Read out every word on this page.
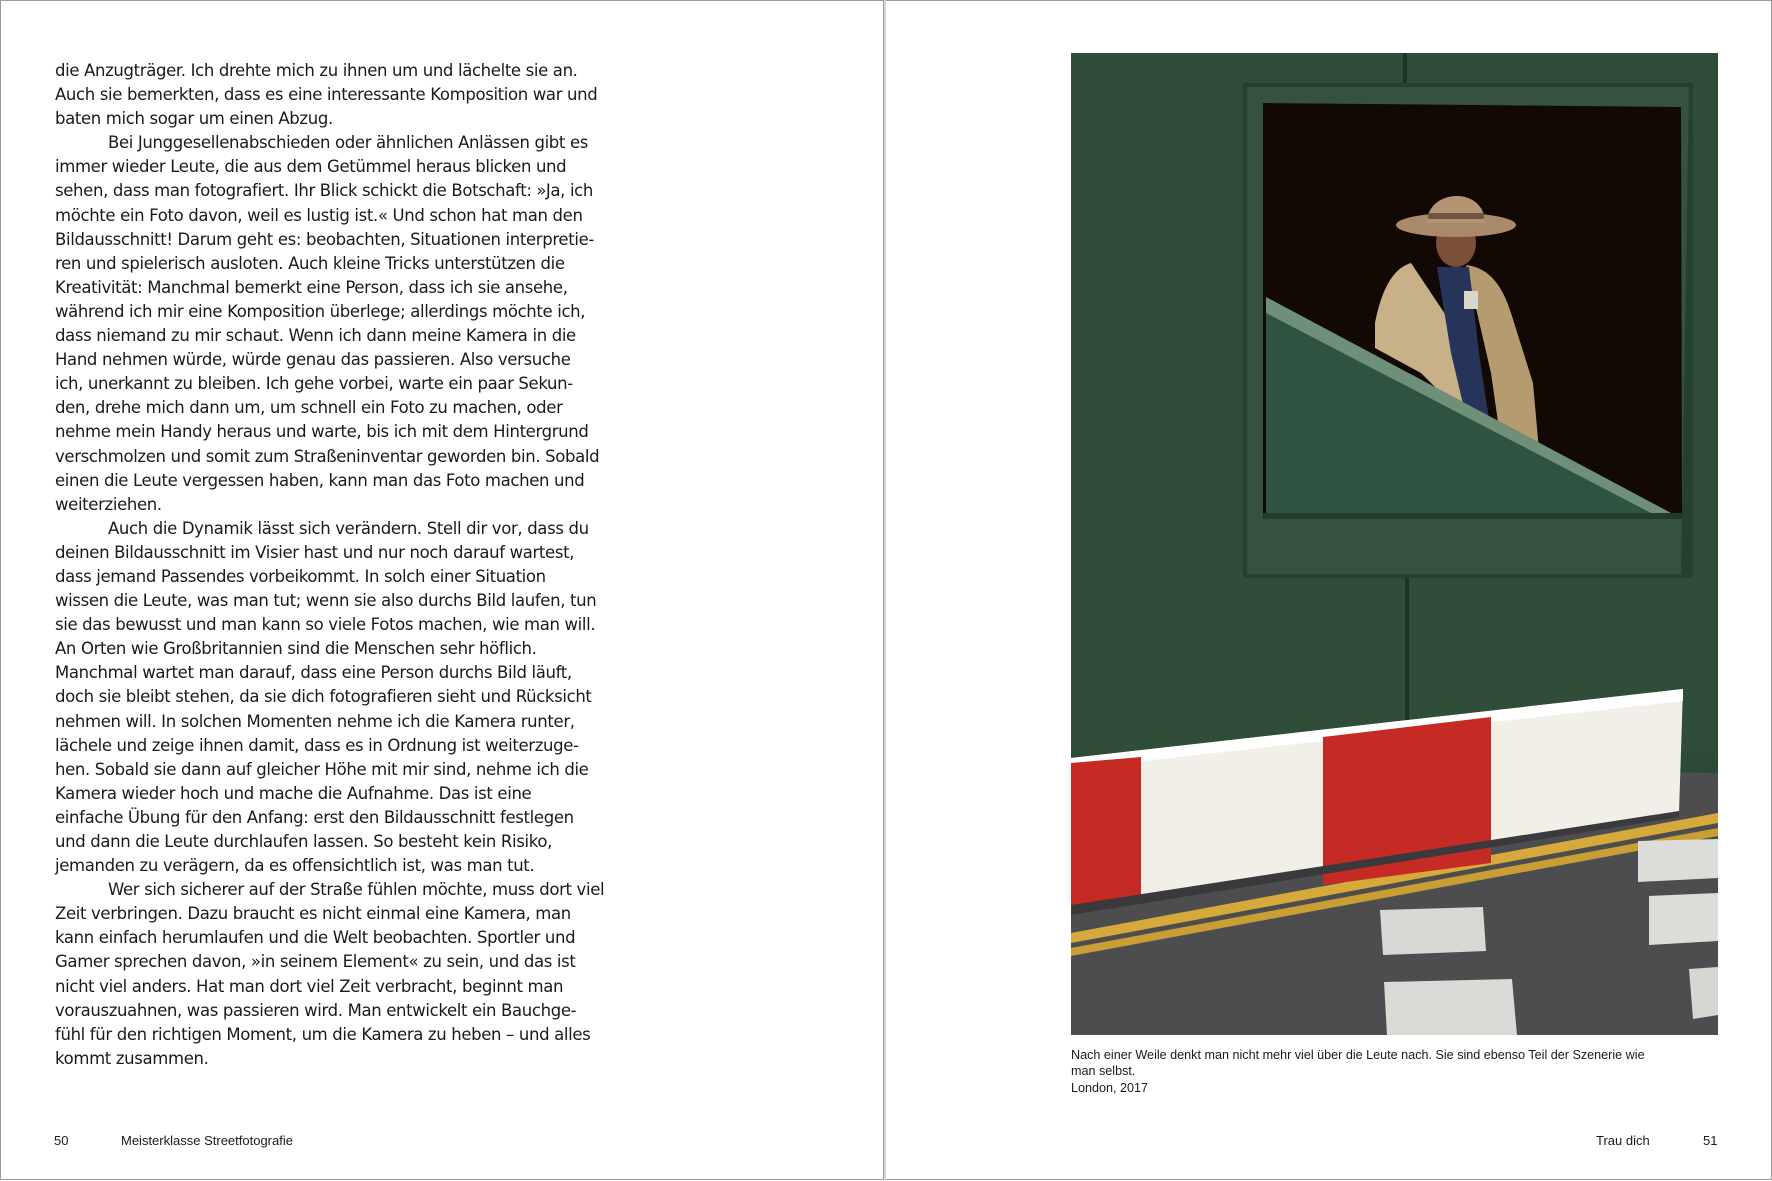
die Anzugträger. Ich drehte mich zu ihnen um und lächelte sie an.
Auch sie bemerkten, dass es eine interessante Komposition war und
baten mich sogar um einen Abzug.
Bei Junggesellenabschieden oder ähnlichen Anlässen gibt es
immer wieder Leute, die aus dem Getümmel heraus blicken und
sehen, dass man fotografiert. Ihr Blick schickt die Botschaft: »Ja, ich
möchte ein Foto davon, weil es lustig ist.« Und schon hat man den
Bildausschnitt! Darum geht es: beobachten, Situationen interpretie-
ren und spielerisch ausloten. Auch kleine Tricks unterstützen die
Kreativität: Manchmal bemerkt eine Person, dass ich sie ansehe,
während ich mir eine Komposition überlege; allerdings möchte ich,
dass niemand zu mir schaut. Wenn ich dann meine Kamera in die
Hand nehmen würde, würde genau das passieren. Also versuche
ich, unerkannt zu bleiben. Ich gehe vorbei, warte ein paar Sekun-
den, drehe mich dann um, um schnell ein Foto zu machen, oder
nehme mein Handy heraus und warte, bis ich mit dem Hintergrund
verschmolzen und somit zum Straßeninventar geworden bin. Sobald
einen die Leute vergessen haben, kann man das Foto machen und
weiterziehen.
Auch die Dynamik lässt sich verändern. Stell dir vor, dass du
deinen Bildausschnitt im Visier hast und nur noch darauf wartest,
dass jemand Passendes vorbeikommt. In solch einer Situation
wissen die Leute, was man tut; wenn sie also durchs Bild laufen, tun
sie das bewusst und man kann so viele Fotos machen, wie man will.
An Orten wie Großbritannien sind die Menschen sehr höflich.
Manchmal wartet man darauf, dass eine Person durchs Bild läuft,
doch sie bleibt stehen, da sie dich fotografieren sieht und Rücksicht
nehmen will. In solchen Momenten nehme ich die Kamera runter,
lächele und zeige ihnen damit, dass es in Ordnung ist weiterzuge-
hen. Sobald sie dann auf gleicher Höhe mit mir sind, nehme ich die
Kamera wieder hoch und mache die Aufnahme. Das ist eine
einfache Übung für den Anfang: erst den Bildausschnitt festlegen
und dann die Leute durchlaufen lassen. So besteht kein Risiko,
jemanden zu verägern, da es offensichtlich ist, was man tut.
Wer sich sicherer auf der Straße fühlen möchte, muss dort viel
Zeit verbringen. Dazu braucht es nicht einmal eine Kamera, man
kann einfach herumlaufen und die Welt beobachten. Sportler und
Gamer sprechen davon, »in seinem Element« zu sein, und das ist
nicht viel anders. Hat man dort viel Zeit verbracht, beginnt man
vorauszuahnen, was passieren wird. Man entwickelt ein Bauchge-
fühl für den richtigen Moment, um die Kamera zu heben – und alles
kommt zusammen.
50	Meisterklasse Streetfotografie	Trau dich	51
Nach einer Weile denkt man nicht mehr viel über die Leute nach. Sie sind ebenso Teil der Szenerie wie
man selbst.
London, 2017
